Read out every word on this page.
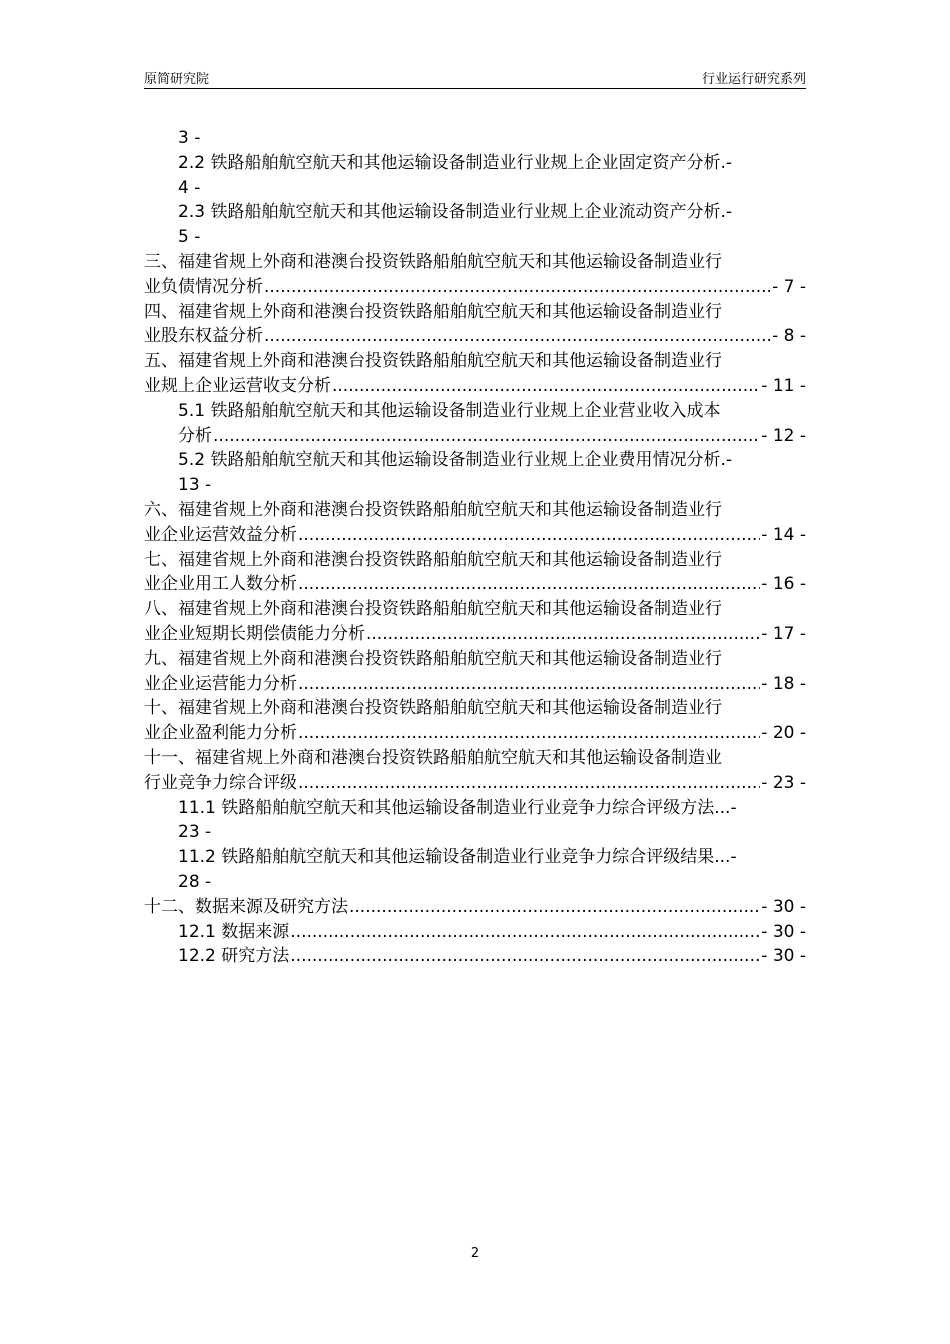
原简研究院	行业运行研究系列
3 -
2.2 铁路船舶航空航天和其他运输设备制造业行业规上企业固定资产分析.-
4 -
2.3 铁路船舶航空航天和其他运输设备制造业行业规上企业流动资产分析.-
5 -
三、福建省规上外商和港澳台投资铁路船舶航空航天和其他运输设备制造业行
业负债情况分析 .....	- 7 -
四、福建省规上外商和港澳台投资铁路船舶航空航天和其他运输设备制造业行
业股东权益分析 .....	- 8 -
五、福建省规上外商和港澳台投资铁路船舶航空航天和其他运输设备制造业行
业规上企业运营收支分析 .....	- 11 -
5.1 铁路船舶航空航天和其他运输设备制造业行业规上企业营业收入成本
分析 .....	- 12 -
5.2 铁路船舶航空航天和其他运输设备制造业行业规上企业费用情况分析.-
13 -
六、福建省规上外商和港澳台投资铁路船舶航空航天和其他运输设备制造业行
业企业运营效益分析 .....	- 14 -
七、福建省规上外商和港澳台投资铁路船舶航空航天和其他运输设备制造业行
业企业用工人数分析 .....	- 16 -
八、福建省规上外商和港澳台投资铁路船舶航空航天和其他运输设备制造业行
业企业短期长期偿债能力分析 .....	- 17 -
九、福建省规上外商和港澳台投资铁路船舶航空航天和其他运输设备制造业行
业企业运营能力分析 .....	- 18 -
十、福建省规上外商和港澳台投资铁路船舶航空航天和其他运输设备制造业行
业企业盈利能力分析 .....	- 20 -
十一、福建省规上外商和港澳台投资铁路船舶航空航天和其他运输设备制造业
行业竞争力综合评级 .....	- 23 -
11.1 铁路船舶航空航天和其他运输设备制造业行业竞争力综合评级方法...-
23 -
11.2 铁路船舶航空航天和其他运输设备制造业行业竞争力综合评级结果...-
28 -
十二、数据来源及研究方法 .....	- 30 -
12.1 数据来源 .....	- 30 -
12.2 研究方法 .....	- 30 -
2
